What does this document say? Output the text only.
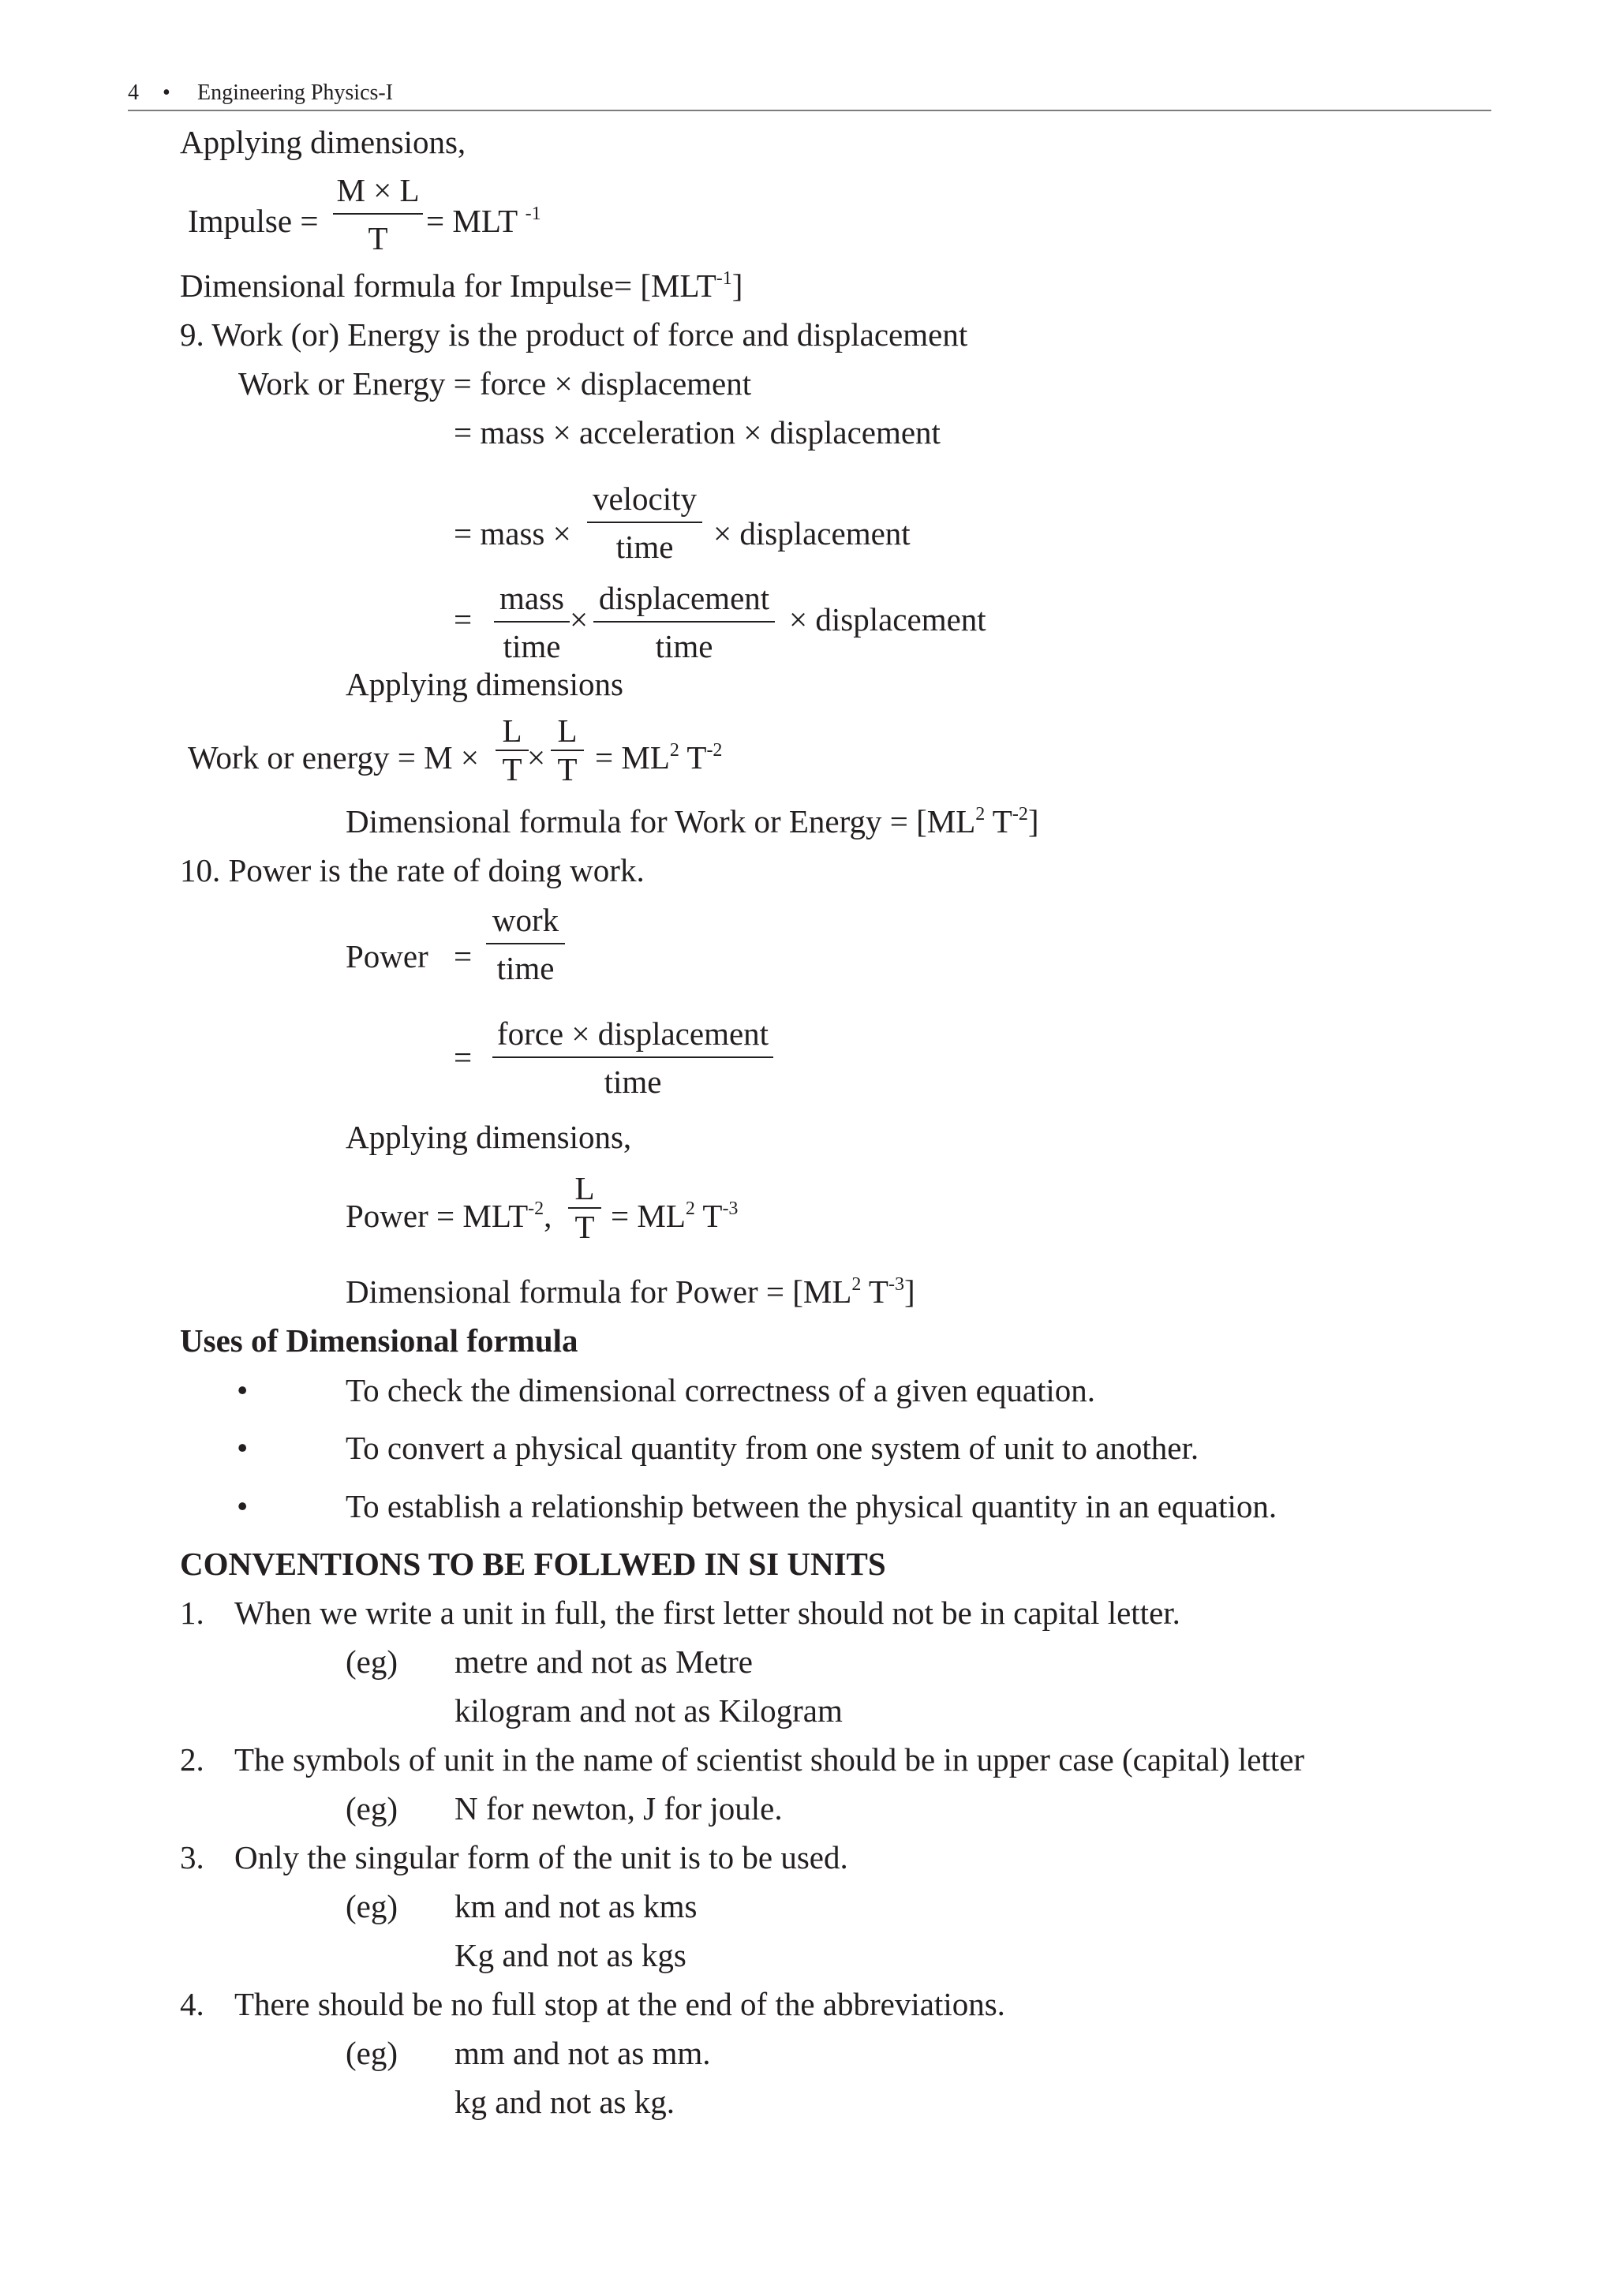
4 • Engineering Physics-I
Applying dimensions,
Impulse = $\frac{M \times L}{T}$ = MLT $^{-1}$
Dimensional formula for Impulse= $[MLT^{-1}]$
9. Work (or) Energy is the product of force and displacement
Work or Energy = force × displacement
= mass × acceleration × displacement
= mass ×
velocity
time	× displacement
=
mass
time
×
displacement
time
× displacement
Applying dimensions
Work or energy = $M \times \frac{L}{T}$
× $\frac{L}{T} = ML^2$ $T^{-2}$
Dimensional formula for Work or Energy = [$ML^2$ $T^{-2}$]
10. Power is the rate of doing work.
Power =
work
time
=
force × displacement
time
Applying dimensions,
Power = $MLT^{-2}$, $\frac{L}{T} = ML^2$ $T^{-3}$
Dimensional formula for Power = [$ML^2$ $T^{-3}$]
Uses of Dimensional formula
•	To check the dimensional correctness of a given equation.
•	To convert a physical quantity from one system of unit to another.
•	To establish a relationship between the physical quantity in an equation.
CONVENTIONS TO BE FOLLWED IN SI UNITS
1. When we write a unit in full, the first letter should not be in capital letter.
(eg) metre and not as Metre
kilogram and not as Kilogram
2. The symbols of unit in the name of scientist should be in upper case (capital) letter
(eg) N for newton, J for joule.
3. Only the singular form of the unit is to be used.
(eg) km and not as kms
Kg and not as kgs
4. There should be no full stop at the end of the abbreviations.
(eg) mm and not as mm.
kg and not as kg.
